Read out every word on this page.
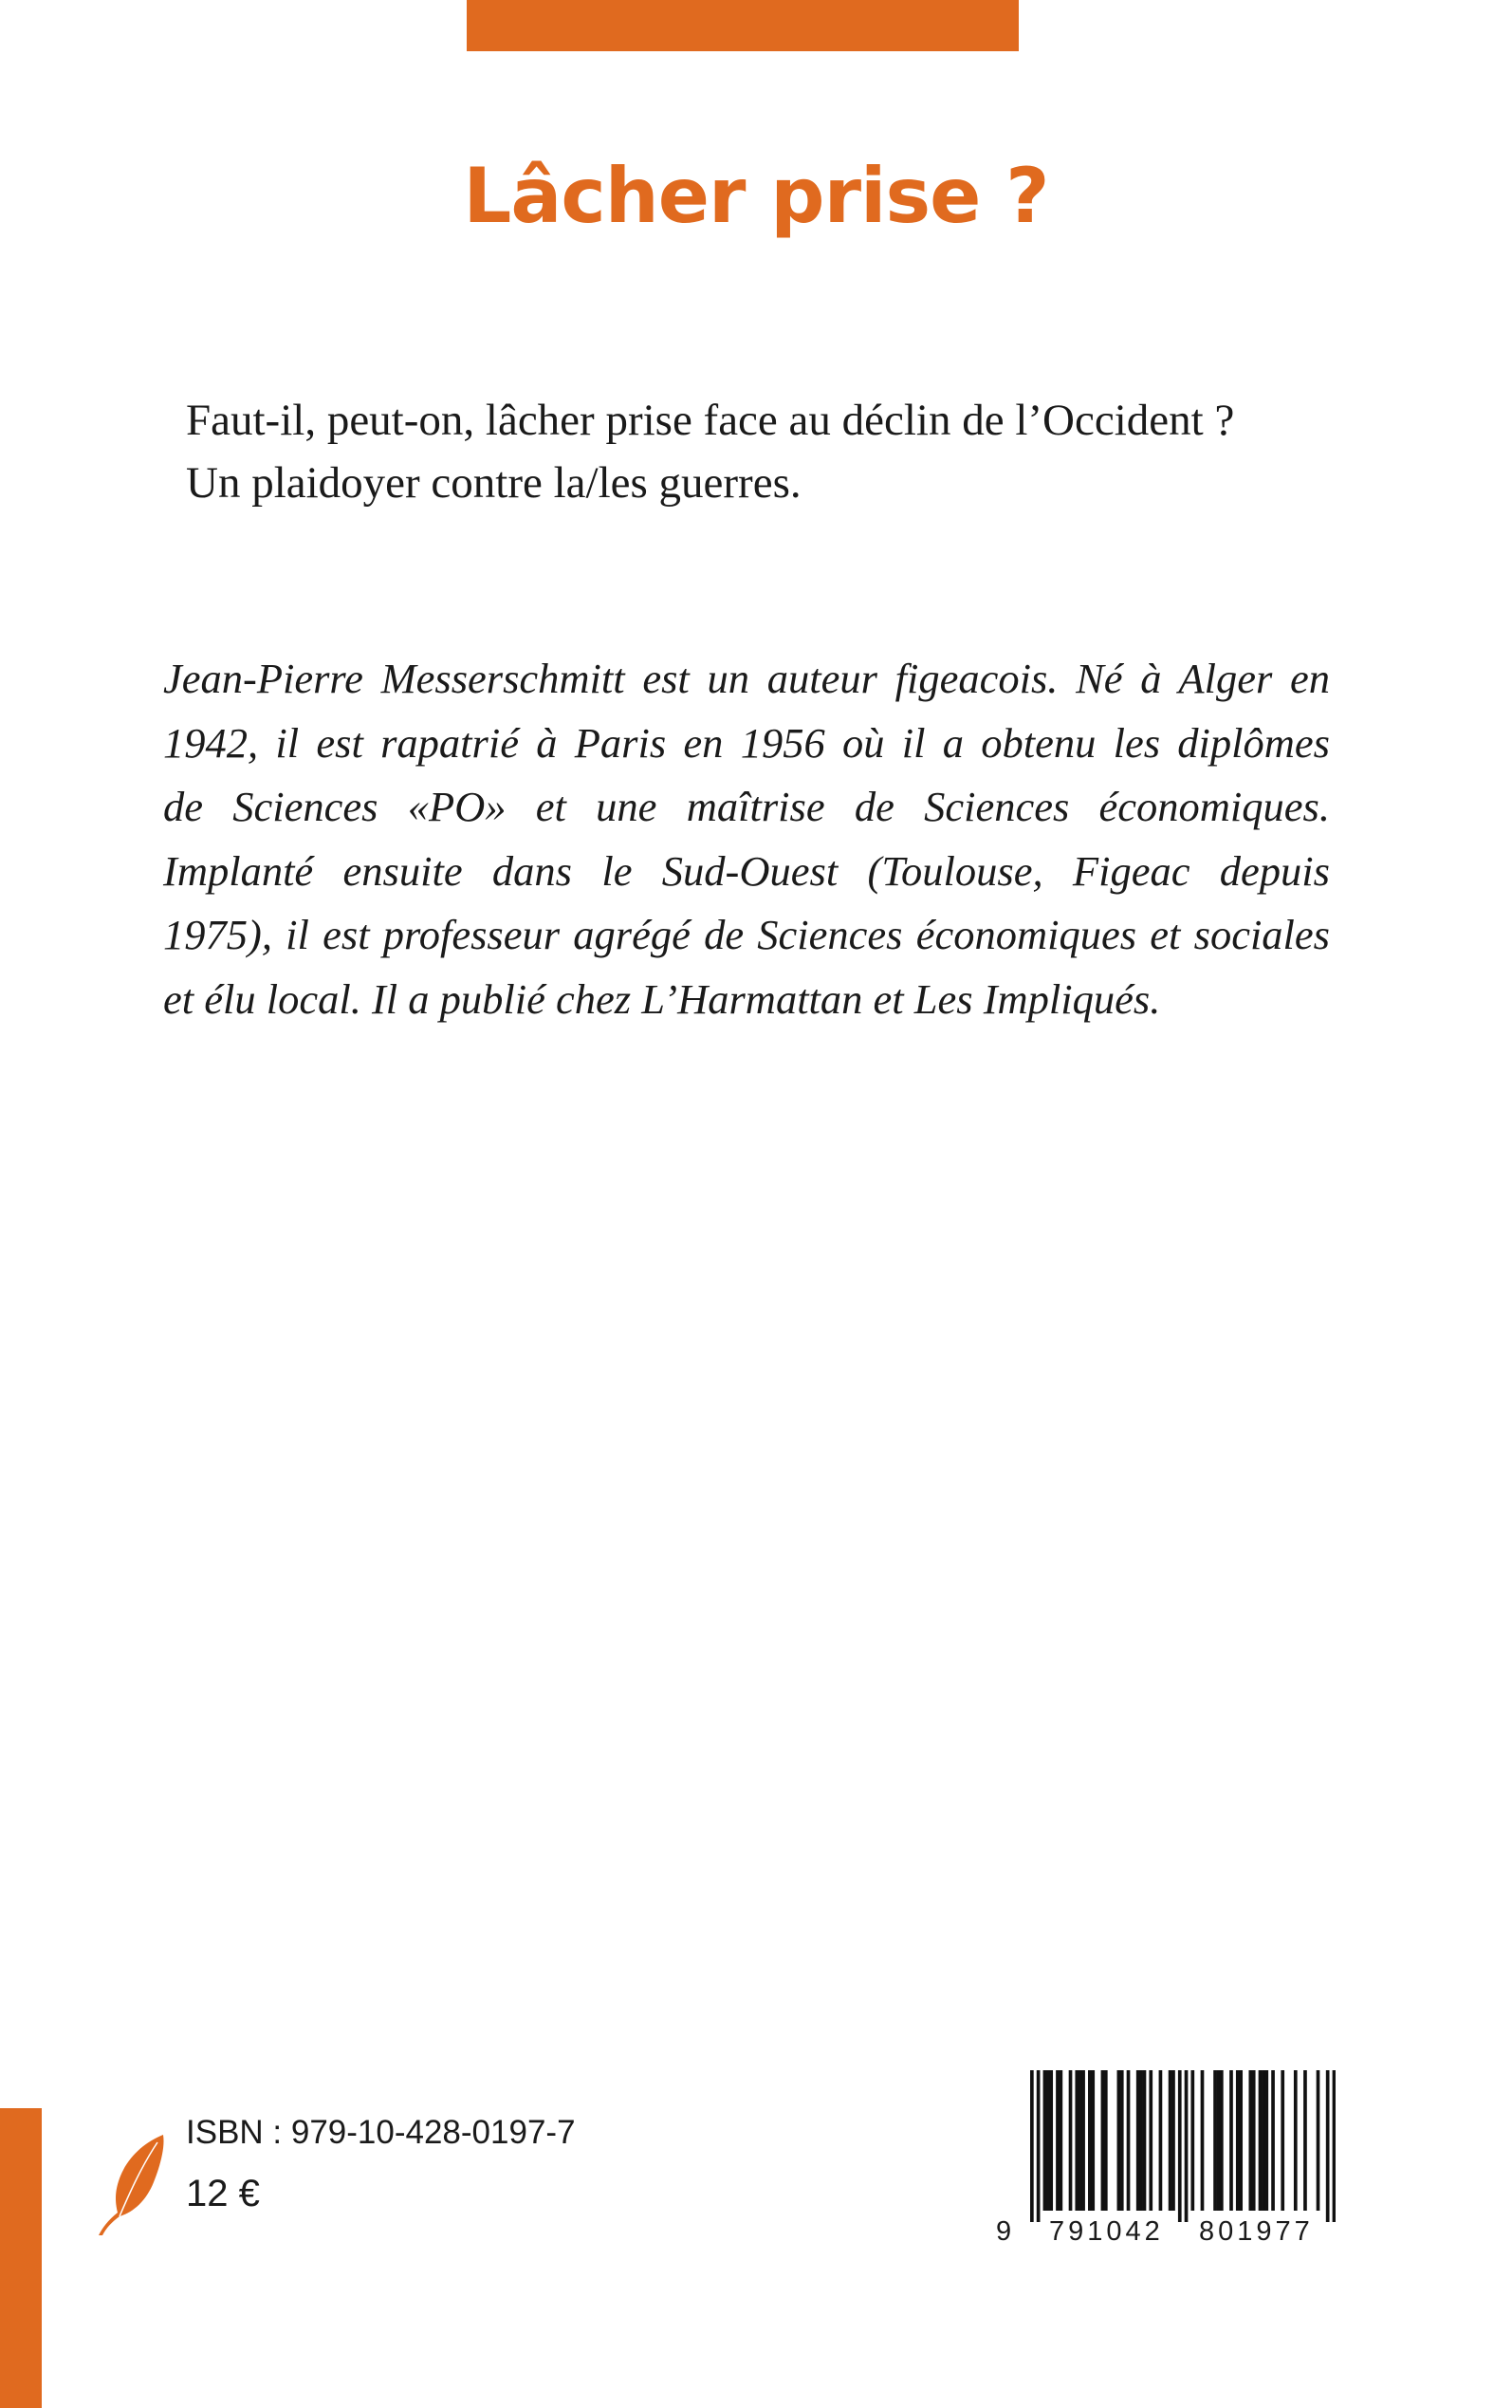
Lâcher prise ?

Faut-il, peut-on, lâcher prise face au déclin de l’Occident ?
Un plaidoyer contre la/les guerres.

Jean-Pierre Messerschmitt est un auteur figeacois. Né à Alger en
1942, il est rapatrié à Paris en 1956 où il a obtenu les diplômes
de Sciences «PO» et une maîtrise de Sciences économiques.
Implanté ensuite dans le Sud-Ouest (Toulouse, Figeac depuis
1975), il est professeur agrégé de Sciences économiques et sociales
et élu local. Il a publié chez L’Harmattan et Les Impliqués.

ISBN : 979-10-428-0197-7
12 €
9 791042 801977
